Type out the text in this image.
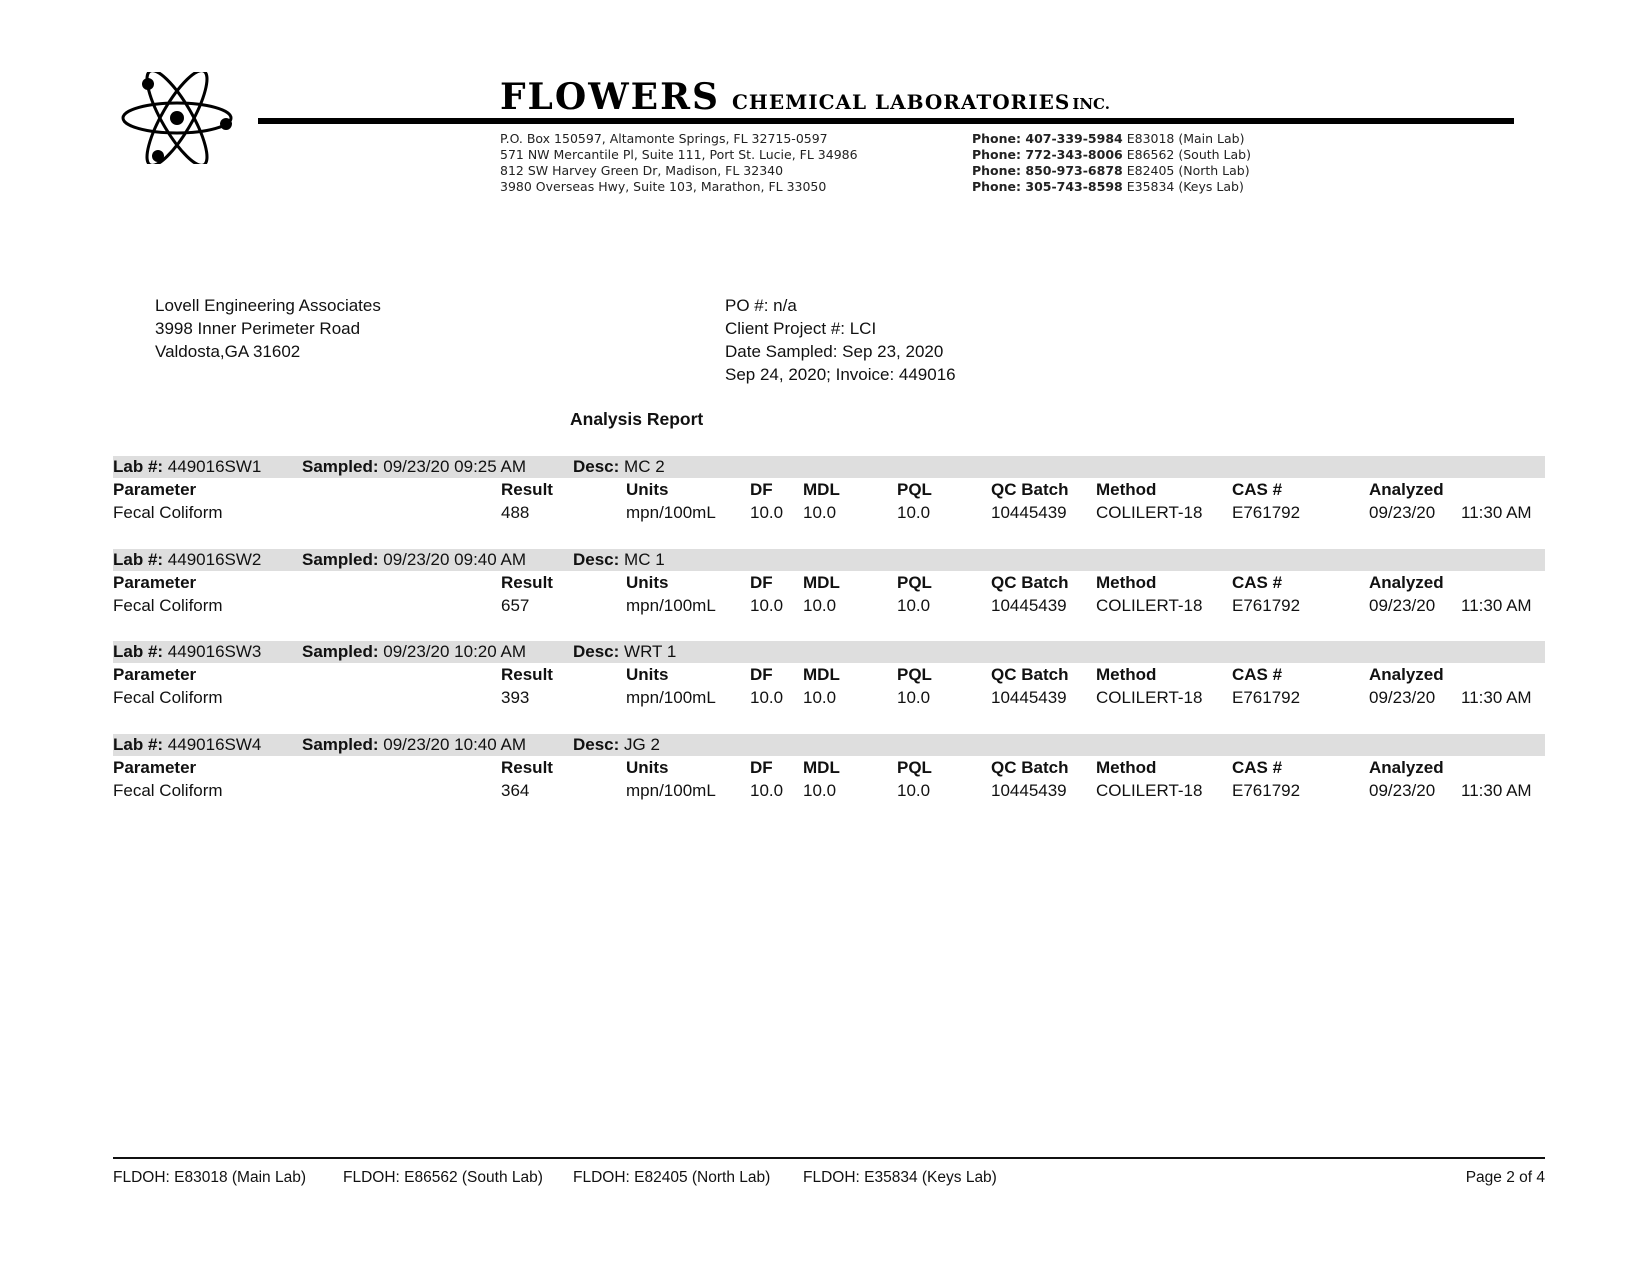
FLOWERS CHEMICAL LABORATORIES INC.
P.O. Box 150597, Altamonte Springs, FL 32715-0597
571 NW Mercantile Pl, Suite 111, Port St. Lucie, FL 34986
812 SW Harvey Green Dr, Madison, FL 32340
3980 Overseas Hwy, Suite 103, Marathon, FL 33050
Phone: 407-339-5984 E83018 (Main Lab)
Phone: 772-343-8006 E86562 (South Lab)
Phone: 850-973-6878 E82405 (North Lab)
Phone: 305-743-8598 E35834 (Keys Lab)
Lovell Engineering Associates
3998 Inner Perimeter Road
Valdosta,GA 31602
PO #: n/a
Client Project #: LCI
Date Sampled: Sep 23, 2020
Sep 24, 2020; Invoice: 449016
Analysis Report
Lab #: 449016SW1 Sampled: 09/23/20 09:25 AM	Desc: MC 2
Parameter	Result	Units	DF MDL	PQL	QC Batch Method	CAS #	Analyzed
Fecal Coliform	488	mpn/100mL 10.0 10.0	10.0	10445439 COLILERT-18 E761792	09/23/20 11:30 AM
Lab #: 449016SW2 Sampled: 09/23/20 09:40 AM	Desc: MC 1
Parameter	Result	Units	DF MDL	PQL	QC Batch Method	CAS #	Analyzed
Fecal Coliform	657	mpn/100mL 10.0 10.0	10.0	10445439 COLILERT-18 E761792	09/23/20 11:30 AM
Lab #: 449016SW3 Sampled: 09/23/20 10:20 AM	Desc: WRT 1
Parameter	Result	Units	DF MDL	PQL	QC Batch Method	CAS #	Analyzed
Fecal Coliform	393	mpn/100mL 10.0 10.0	10.0	10445439 COLILERT-18 E761792	09/23/20 11:30 AM
Lab #: 449016SW4 Sampled: 09/23/20 10:40 AM	Desc: JG 2
Parameter	Result	Units	DF MDL	PQL	QC Batch Method	CAS #	Analyzed
Fecal Coliform	364	mpn/100mL 10.0 10.0	10.0	10445439 COLILERT-18 E761792	09/23/20 11:30 AM
FLDOH: E83018 (Main Lab) FLDOH: E86562 (South Lab) FLDOH: E82405 (North Lab) FLDOH: E35834 (Keys Lab)	Page 2 of 4
